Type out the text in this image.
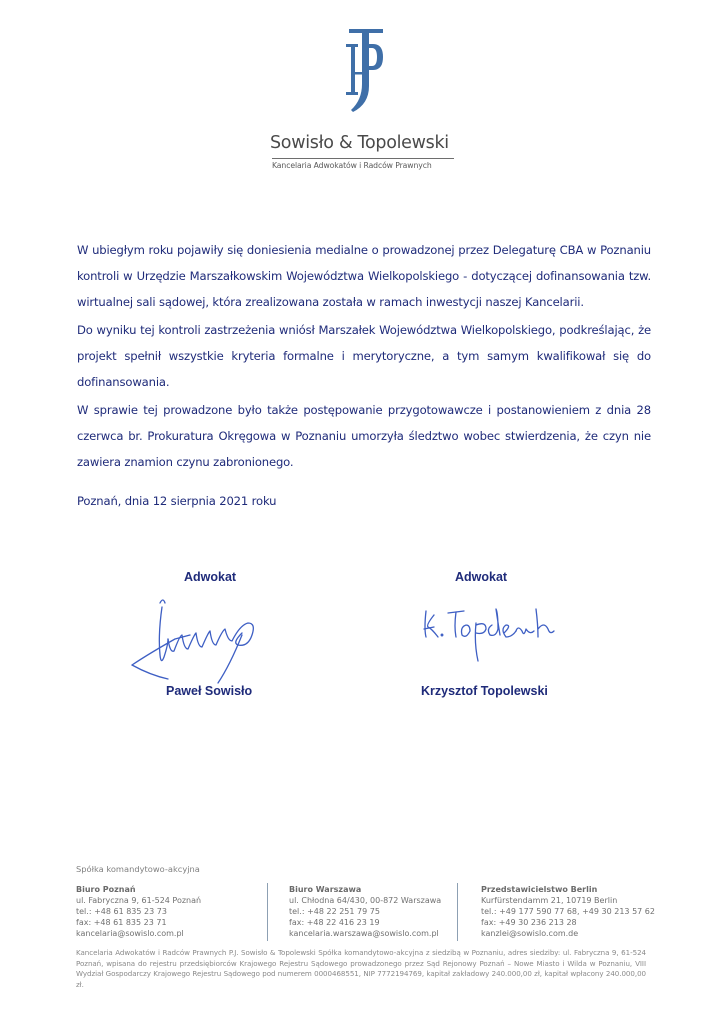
Sowisło & Topolewski
Kancelaria Adwokatów i Radców Prawnych

W ubiegłym roku pojawiły się doniesienia medialne o prowadzonej przez Delegaturę CBA w Poznaniu kontroli w Urzędzie Marszałkowskim Województwa Wielkopolskiego - dotyczącej dofinansowania tzw. wirtualnej sali sądowej, która zrealizowana została w ramach inwestycji naszej Kancelarii.

Do wyniku tej kontroli zastrzeżenia wniósł Marszałek Województwa Wielkopolskiego, podkreślając, że projekt spełnił wszystkie kryteria formalne i merytoryczne, a tym samym kwalifikował się do dofinansowania.

W sprawie tej prowadzone było także postępowanie przygotowawcze i postanowieniem z dnia 28 czerwca br. Prokuratura Okręgowa w Poznaniu umorzyła śledztwo wobec stwierdzenia, że czyn nie zawiera znamion czynu zabronionego.

Poznań, dnia 12 sierpnia 2021 roku
Adwokat	Adwokat
Paweł Sowisło	Krzysztof Topolewski
Spółka komandytowo-akcyjna
Biuro Poznań
ul. Fabryczna 9, 61-524 Poznań
tel.: +48 61 835 23 73
fax: +48 61 835 23 71
kancelaria@sowislo.com.pl
Biuro Warszawa
ul. Chłodna 64/430, 00-872 Warszawa
tel.: +48 22 251 79 75
fax: +48 22 416 23 19
kancelaria.warszawa@sowislo.com.pl
Przedstawicielstwo Berlin
Kurfürstendamm 21, 10719 Berlin
tel.: +49 177 590 77 68, +49 30 213 57 62
fax: +49 30 236 213 28
kanzlei@sowislo.com.de
Kancelaria Adwokatów i Radców Prawnych P.J. Sowisło & Topolewski Spółka komandytowo-akcyjna z siedzibą w Poznaniu, adres siedziby: ul. Fabryczna 9, 61-524 Poznań, wpisana do rejestru przedsiębiorców Krajowego Rejestru Sądowego prowadzonego przez Sąd Rejonowy Poznań – Nowe Miasto i Wilda w Poznaniu, VIII Wydział Gospodarczy Krajowego Rejestru Sądowego pod numerem 0000468551, NIP 7772194769, kapitał zakładowy 240.000,00 zł, kapitał wpłacony 240.000,00 zł.
